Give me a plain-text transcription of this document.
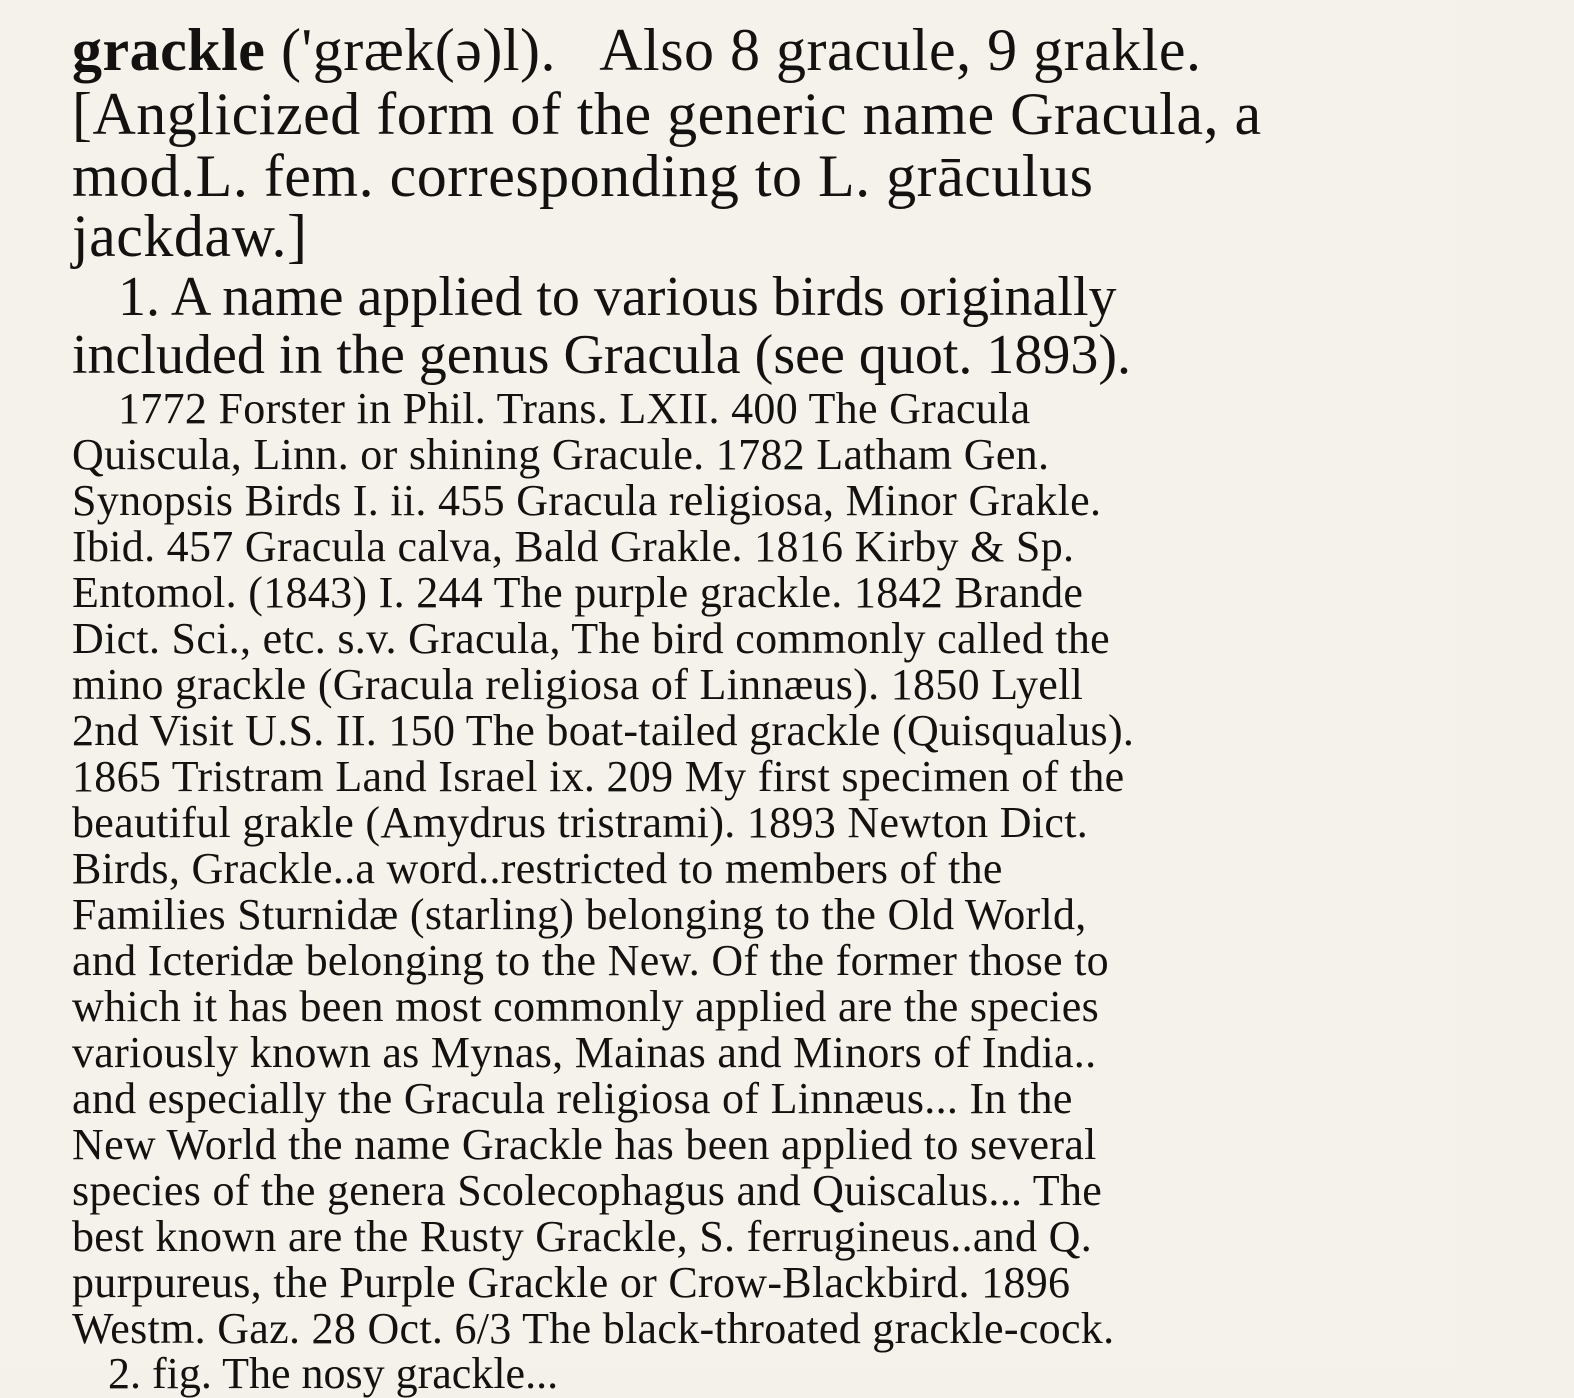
grackle ('græk(ə)l). Also 8 gracule, 9 grakle.
[Anglicized form of the generic name Gracula, a
mod.L. fem. corresponding to L. grāculus
jackdaw.]
1. A name applied to various birds originally
included in the genus Gracula (see quot. 1893).
1772 Forster in Phil. Trans. LXII. 400 The Gracula
Quiscula, Linn. or shining Gracule. 1782 Latham Gen.
Synopsis Birds I. ii. 455 Gracula religiosa, Minor Grakle.
Ibid. 457 Gracula calva, Bald Grakle. 1816 Kirby & Sp.
Entomol. (1843) I. 244 The purple grackle. 1842 Brande
Dict. Sci., etc. s.v. Gracula, The bird commonly called the
mino grackle (Gracula religiosa of Linnæus). 1850 Lyell
2nd Visit U.S. II. 150 The boat-tailed grackle (Quisqualus).
1865 Tristram Land Israel ix. 209 My first specimen of the
beautiful grakle (Amydrus tristrami). 1893 Newton Dict.
Birds, Grackle..a word..restricted to members of the
Families Sturnidæ (starling) belonging to the Old World,
and Icteridæ belonging to the New. Of the former those to
which it has been most commonly applied are the species
variously known as Mynas, Mainas and Minors of India..
and especially the Gracula religiosa of Linnæus... In the
New World the name Grackle has been applied to several
species of the genera Scolecophagus and Quiscalus... The
best known are the Rusty Grackle, S. ferrugineus..and Q.
purpureus, the Purple Grackle or Crow-Blackbird. 1896
Westm. Gaz. 28 Oct. 6/3 The black-throated grackle-cock.
2. fig. The nosy grackle...
